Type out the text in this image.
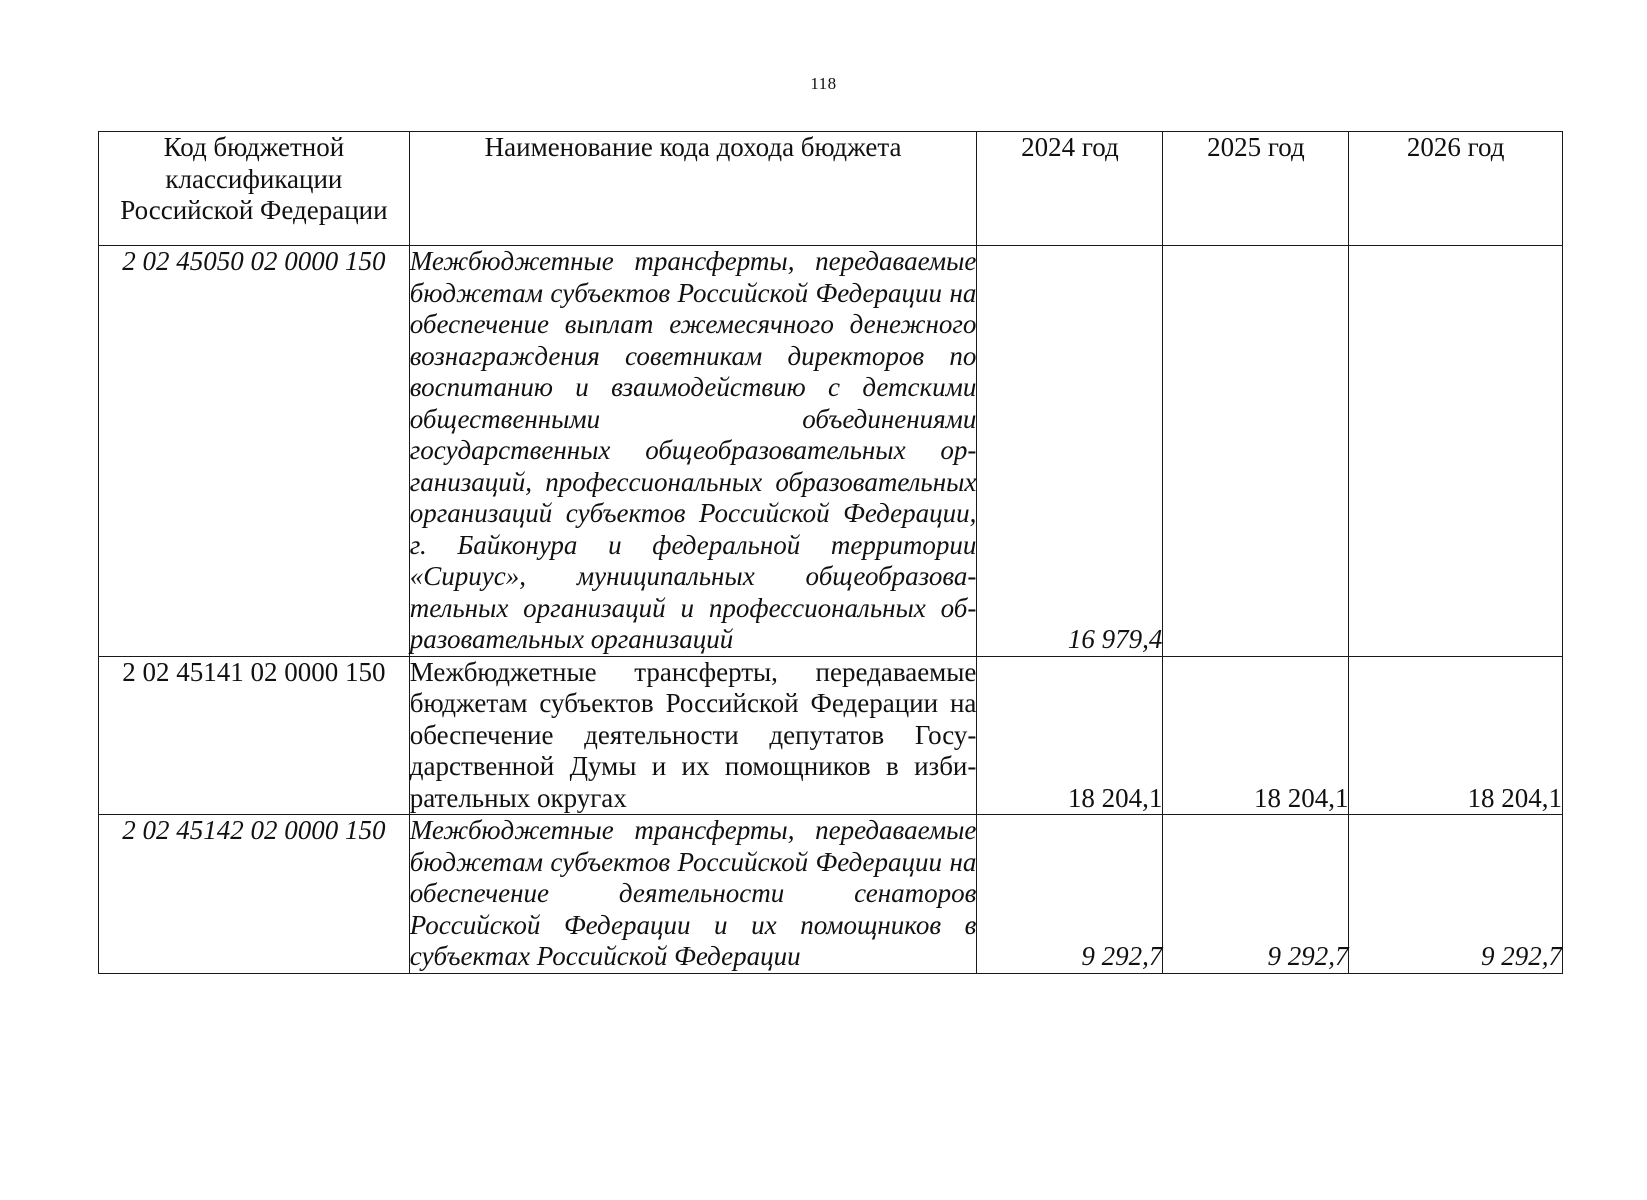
118
Код бюджетной классификации Российской Федерации	Наименование кода дохода бюджета	2024 год	2025 год	2026 год
2 02 45050 02 0000 150	Межбюджетные трансферты, передаваемые бюджетам субъектов Российской Федерации на обеспечение выплат ежемесячного денежного вознаграждения советникам директоров по воспитанию и взаимодействию с детскими общественными объединениями государственных общеобразовательных организаций, профессиональных образовательных организаций субъектов Российской Федерации, г. Байконура и федеральной территории «Сириус», муниципальных общеобразовательных организаций и профессиональных образовательных организаций	16 979,4		
2 02 45141 02 0000 150	Межбюджетные трансферты, передаваемые бюджетам субъектов Российской Федерации на обеспечение деятельности депутатов Государственной Думы и их помощников в избирательных округах	18 204,1	18 204,1	18 204,1
2 02 45142 02 0000 150	Межбюджетные трансферты, передаваемые бюджетам субъектов Российской Федерации на обеспечение деятельности сенаторов Российской Федерации и их помощников в субъектах Российской Федерации	9 292,7	9 292,7	9 292,7
